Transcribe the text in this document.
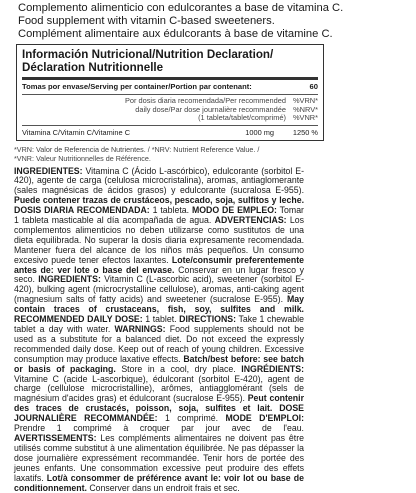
Complemento alimenticio con edulcorantes a base de vitamina C.
Food supplement with vitamin C-based sweeteners.
Complément alimentaire aux édulcorants à base de vitamine C.
Información Nutricional/Nutrition Declaration/
Déclaration Nutritionnelle
Tomas por envase/Serving per container/Portion par contenant:	60
Por dosis diaria recomendada/Per recommended
daily dose/Par dose journalière recommandée
(1 tableta/tablet/comprimé)
%VRN*
%NRV*
%VNR*
Vitamina C/Vitamin C/Vitamine C	1000 mg	1250 %
*VRN: Valor de Referencia de Nutrientes. / *NRV: Nutrient Reference Value. /
*VNR: Valeur Nutritionnelles de Référence.
INGREDIENTES: Vitamina C (Ácido L-ascórbico), edulcorante (sorbitol E-420), agente de carga (celulosa microcristalina), aromas, antiaglomerante (sales magnésicas de ácidos grasos) y edulcorante (sucralosa E-955). Puede contener trazas de crustáceos, pescado, soja, sulfitos y leche. DOSIS DIARIA RECOMENDADA: 1 tableta. MODO DE EMPLEO: Tomar 1 tableta masticable al día acompañada de agua. ADVERTENCIAS: Los complementos alimenticios no deben utilizarse como sustitutos de una dieta equilibrada. No superar la dosis diaria expresamente recomendada. Mantener fuera del alcance de los niños más pequeños. Un consumo excesivo puede tener efectos laxantes. Lote/consumir preferentemente antes de: ver lote o base del envase. Conservar en un lugar fresco y seco. INGREDIENTS: Vitamin C (L-ascorbic acid), sweetener (sorbitol E-420), bulking agent (microcrystalline cellulose), aromas, anti-caking agent (magnesium salts of fatty acids) and sweetener (sucralose E-955). May contain traces of crustaceans, fish, soy, sulfites and milk. RECOMMENDED DAILY DOSE: 1 tablet. DIRECTIONS: Take 1 chewable tablet a day with water. WARNINGS: Food supplements should not be used as a substitute for a balanced diet. Do not exceed the expressly recommended daily dose. Keep out of reach of young children. Excessive consumption may produce laxative effects. Batch/best before: see batch or basis of packaging. Store in a cool, dry place. INGRÉDIENTS: Vitamine C (acide L-ascorbique), édulcorant (sorbitol E-420), agent de charge (cellulose microcristalline), arômes, antiagglomérant (sels de magnésium d'acides gras) et édulcorant (sucralose E-955). Peut contenir des traces de crustacés, poisson, soja, sulfites et lait. DOSE JOURNALIÈRE RECOMMANDÉE: 1 comprimé. MODE D'EMPLOI: Prendre 1 comprimé à croquer par jour avec de l'eau. AVERTISSEMENTS: Les compléments alimentaires ne doivent pas être utilisés comme substitut à une alimentation équilibrée. Ne pas dépasser la dose journalière expressément recommandée. Tenir hors de portée des jeunes enfants. Une consommation excessive peut produire des effets laxatifs. Lot/à consommer de préférence avant le: voir lot ou base de conditionnement. Conserver dans un endroit frais et sec.
